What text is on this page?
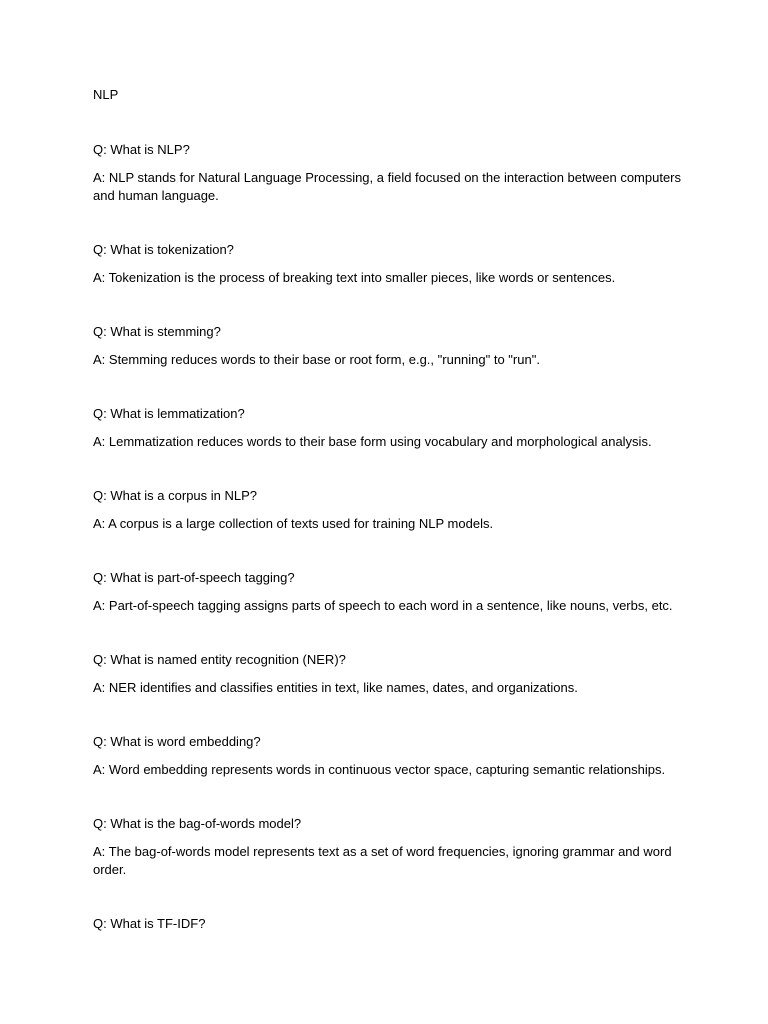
NLP

Q: What is NLP?

A: NLP stands for Natural Language Processing, a field focused on the interaction between computers and human language.

Q: What is tokenization?

A: Tokenization is the process of breaking text into smaller pieces, like words or sentences.

Q: What is stemming?

A: Stemming reduces words to their base or root form, e.g., "running" to "run".

Q: What is lemmatization?

A: Lemmatization reduces words to their base form using vocabulary and morphological analysis.

Q: What is a corpus in NLP?

A: A corpus is a large collection of texts used for training NLP models.

Q: What is part-of-speech tagging?

A: Part-of-speech tagging assigns parts of speech to each word in a sentence, like nouns, verbs, etc.

Q: What is named entity recognition (NER)?

A: NER identifies and classifies entities in text, like names, dates, and organizations.

Q: What is word embedding?

A: Word embedding represents words in continuous vector space, capturing semantic relationships.

Q: What is the bag-of-words model?

A: The bag-of-words model represents text as a set of word frequencies, ignoring grammar and word order.

Q: What is TF-IDF?
